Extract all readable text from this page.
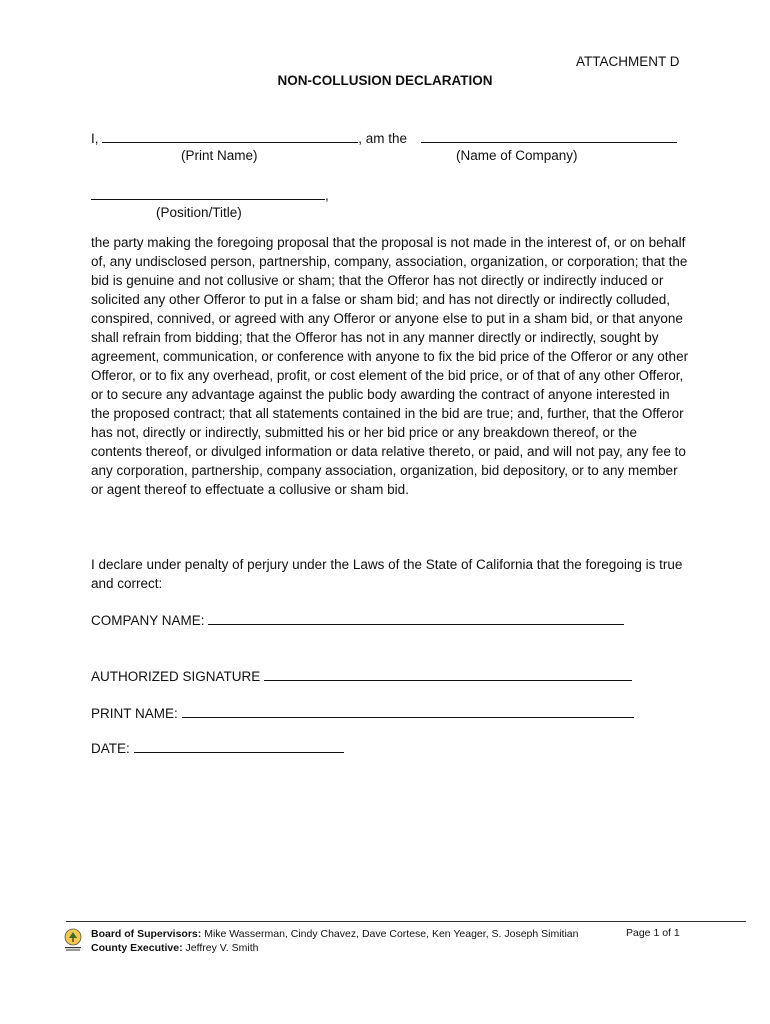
ATTACHMENT D
NON-COLLUSION DECLARATION
I,	, am the
(Print Name)	(Name of Company)
,
(Position/Title)

the party making the foregoing proposal that the proposal is not made in the interest of, or on behalf of, any undisclosed person, partnership, company, association, organization, or corporation; that the bid is genuine and not collusive or sham; that the Offeror has not directly or indirectly induced or solicited any other Offeror to put in a false or sham bid; and has not directly or indirectly colluded, conspired, connived, or agreed with any Offeror or anyone else to put in a sham bid, or that anyone shall refrain from bidding; that the Offeror has not in any manner directly or indirectly, sought by agreement, communication, or conference with anyone to fix the bid price of the Offeror or any other Offeror, or to fix any overhead, profit, or cost element of the bid price, or of that of any other Offeror, or to secure any advantage against the public body awarding the contract of anyone interested in the proposed contract; that all statements contained in the bid are true; and, further, that the Offeror has not, directly or indirectly, submitted his or her bid price or any breakdown thereof, or the contents thereof, or divulged information or data relative thereto, or paid, and will not pay, any fee to any corporation, partnership, company association, organization, bid depository, or to any member or agent thereof to effectuate a collusive or sham bid.

I declare under penalty of perjury under the Laws of the State of California that the foregoing is true and correct:
COMPANY NAME:
AUTHORIZED SIGNATURE
PRINT NAME:
DATE:
Board of Supervisors: Mike Wasserman, Cindy Chavez, Dave Cortese, Ken Yeager, S. Joseph Simitian
County Executive: Jeffrey V. Smith
Page 1 of 1
